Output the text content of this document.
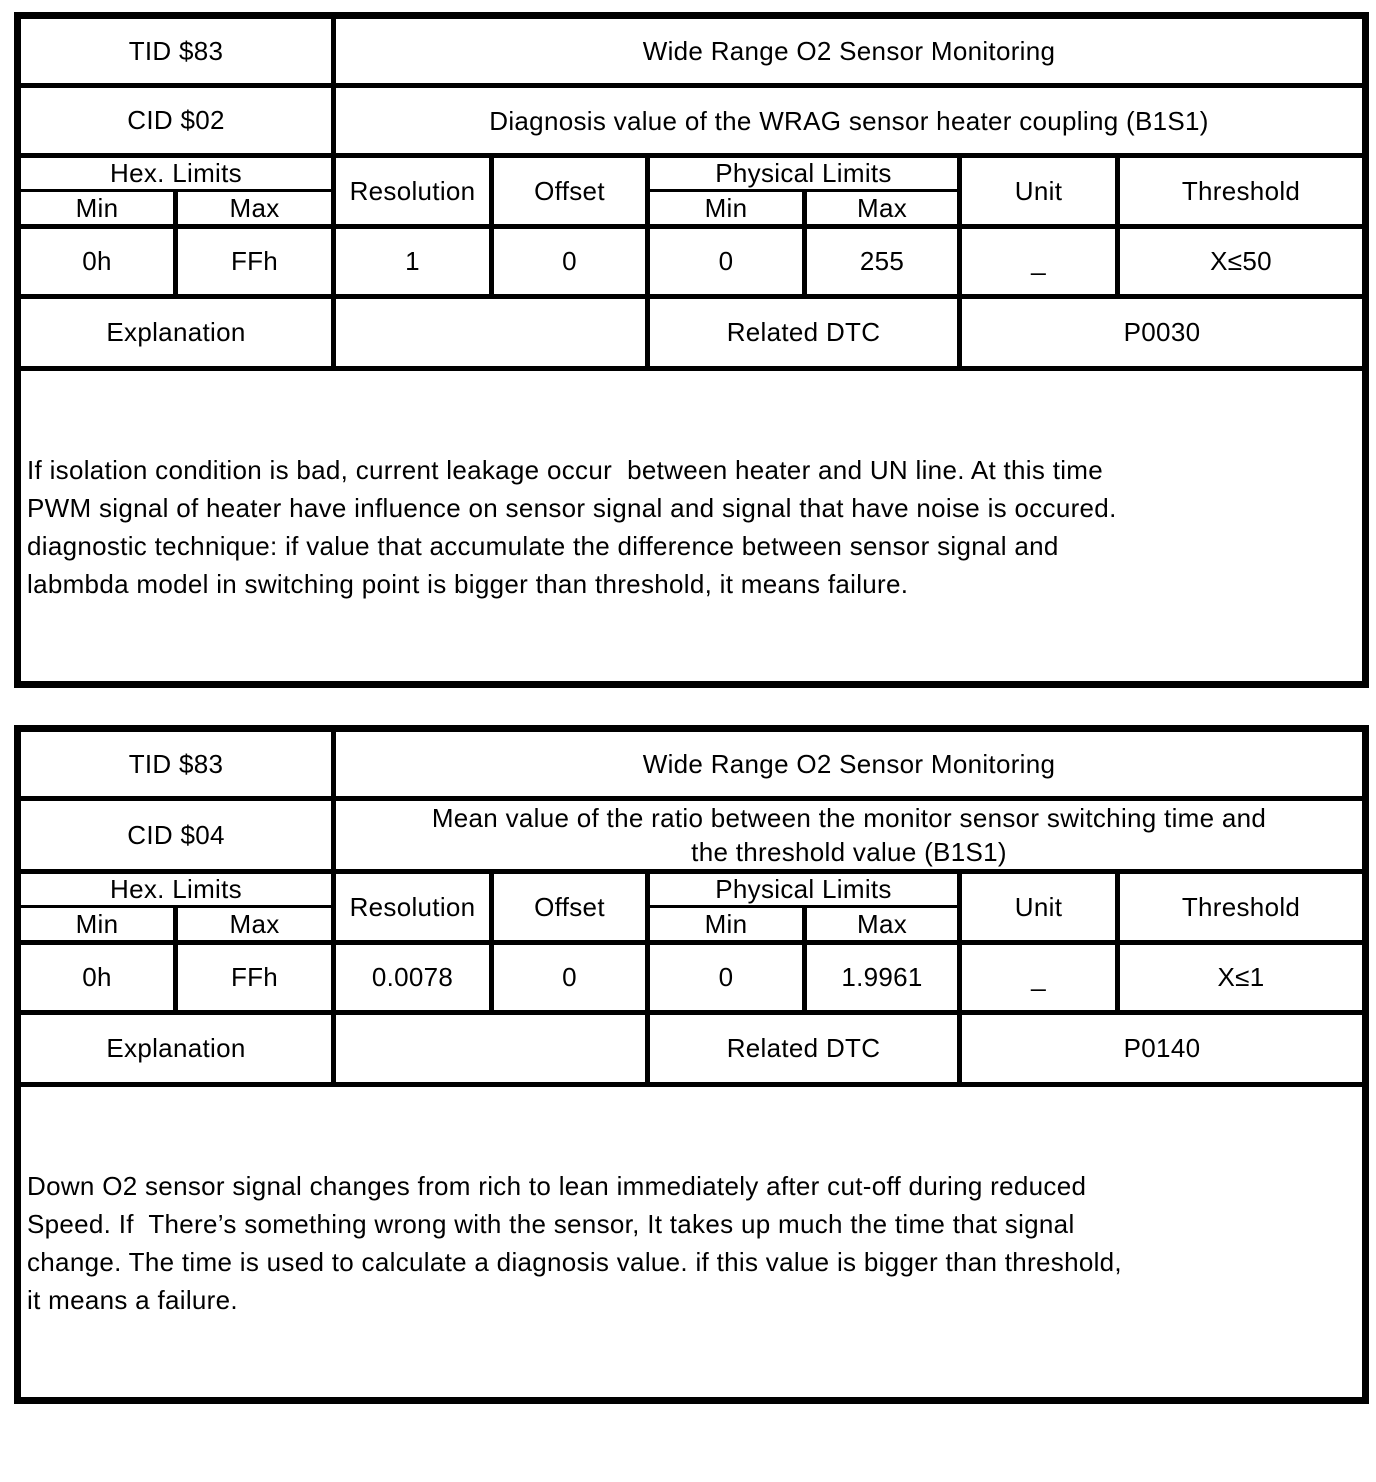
TID $83		Wide Range O2 Sensor Monitoring					
CID $02		Diagnosis value of the WRAG sensor heater coupling (B1S1)					

Hex. Limits		Resolution	Offset	Physical Limits		Unit	Threshold
Min	Max			Min	Max		
0h	FFh	1	0	0	255	_	X≤50
Explanation				Related DTC		P0030	

If isolation condition is bad, current leakage occur  between heater and UN line. At this time
PWM signal of heater have influence on sensor signal and signal that have noise is occured.
diagnostic technique: if value that accumulate the difference between sensor signal and
labmbda model in switching point is bigger than threshold, it means failure.							
TID $83		Wide Range O2 Sensor Monitoring					
CID $04		Mean value of the ratio between the monitor sensor switching time and
the threshold value (B1S1)					

Hex. Limits		Resolution	Offset	Physical Limits		Unit	Threshold
Min	Max			Min	Max		
0h	FFh	0.0078	0	0	1.9961	_	X≤1
Explanation				Related DTC		P0140	

Down O2 sensor signal changes from rich to lean immediately after cut-off during reduced
Speed. If  There’s something wrong with the sensor, It takes up much the time that signal
change. The time is used to calculate a diagnosis value. if this value is bigger than threshold,
it means a failure.							
